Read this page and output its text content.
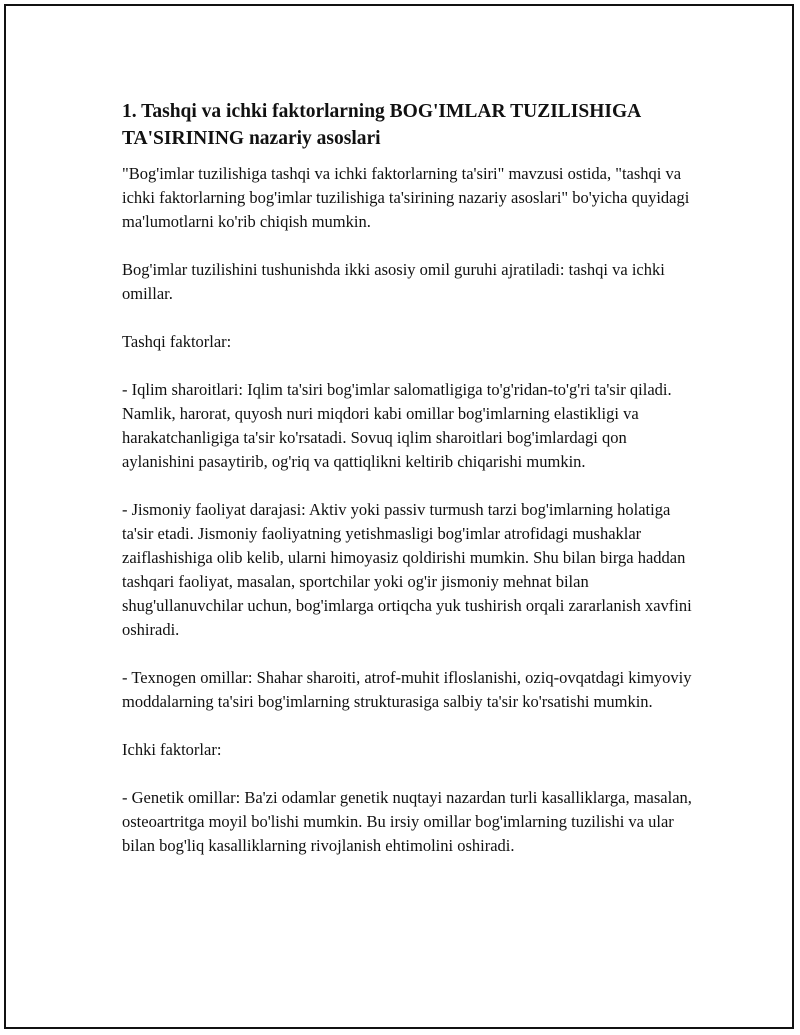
1. Tashqi va ichki faktorlarning BOG'IMLAR TUZILISHIGA TA'SIRINING nazariy asoslari

"Bog'imlar tuzilishiga tashqi va ichki faktorlarning ta'siri" mavzusi ostida, "tashqi va ichki faktorlarning bog'imlar tuzilishiga ta'sirining nazariy asoslari" bo'yicha quyidagi ma'lumotlarni ko'rib chiqish mumkin.

Bog'imlar tuzilishini tushunishda ikki asosiy omil guruhi ajratiladi: tashqi va ichki omillar.

Tashqi faktorlar:

- Iqlim sharoitlari: Iqlim ta'siri bog'imlar salomatligiga to'g'ridan-to'g'ri ta'sir qiladi. Namlik, harorat, quyosh nuri miqdori kabi omillar bog'imlarning elastikligi va harakatchanligiga ta'sir ko'rsatadi. Sovuq iqlim sharoitlari bog'imlardagi qon aylanishini pasaytirib, og'riq va qattiqlikni keltirib chiqarishi mumkin.

- Jismoniy faoliyat darajasi: Aktiv yoki passiv turmush tarzi bog'imlarning holatiga ta'sir etadi. Jismoniy faoliyatning yetishmasligi bog'imlar atrofidagi mushaklar zaiflashishiga olib kelib, ularni himoyasiz qoldirishi mumkin. Shu bilan birga haddan tashqari faoliyat, masalan, sportchilar yoki og'ir jismoniy mehnat bilan shug'ullanuvchilar uchun, bog'imlarga ortiqcha yuk tushirish orqali zararlanish xavfini oshiradi.

- Texnogen omillar: Shahar sharoiti, atrof-muhit ifloslanishi, oziq-ovqatdagi kimyoviy moddalarning ta'siri bog'imlarning strukturasiga salbiy ta'sir ko'rsatishi mumkin.

Ichki faktorlar:

- Genetik omillar: Ba'zi odamlar genetik nuqtayi nazardan turli kasalliklarga, masalan, osteoartritga moyil bo'lishi mumkin. Bu irsiy omillar bog'imlarning tuzilishi va ular bilan bog'liq kasalliklarning rivojlanish ehtimolini oshiradi.
